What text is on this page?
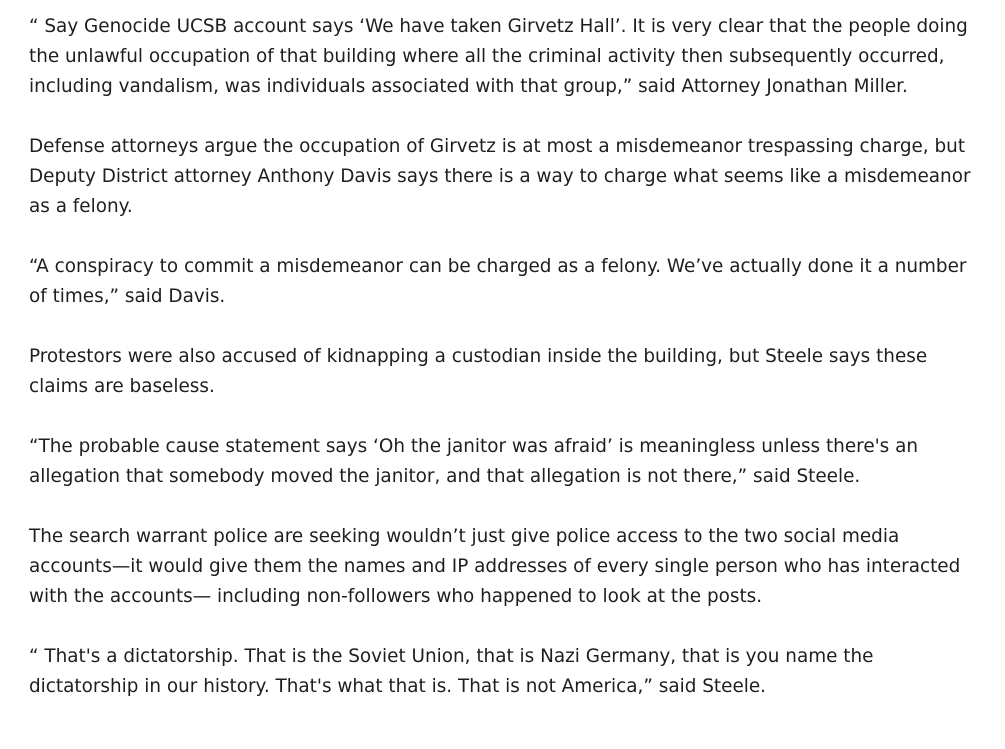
“ Say Genocide UCSB account says ‘We have taken Girvetz Hall’. It is very clear that the people doing the unlawful occupation of that building where all the criminal activity then subsequently occurred, including vandalism, was individuals associated with that group,” said Attorney Jonathan Miller.

Defense attorneys argue the occupation of Girvetz is at most a misdemeanor trespassing charge, but Deputy District attorney Anthony Davis says there is a way to charge what seems like a misdemeanor as a felony.

“A conspiracy to commit a misdemeanor can be charged as a felony. We’ve actually done it a number of times,” said Davis.

Protestors were also accused of kidnapping a custodian inside the building, but Steele says these claims are baseless.

“The probable cause statement says ‘Oh the janitor was afraid’ is meaningless unless there's an allegation that somebody moved the janitor, and that allegation is not there,” said Steele.

The search warrant police are seeking wouldn’t just give police access to the two social media accounts—it would give them the names and IP addresses of every single person who has interacted with the accounts— including non-followers who happened to look at the posts.

“ That's a dictatorship. That is the Soviet Union, that is Nazi Germany, that is you name the dictatorship in our history. That's what that is. That is not America,” said Steele.
